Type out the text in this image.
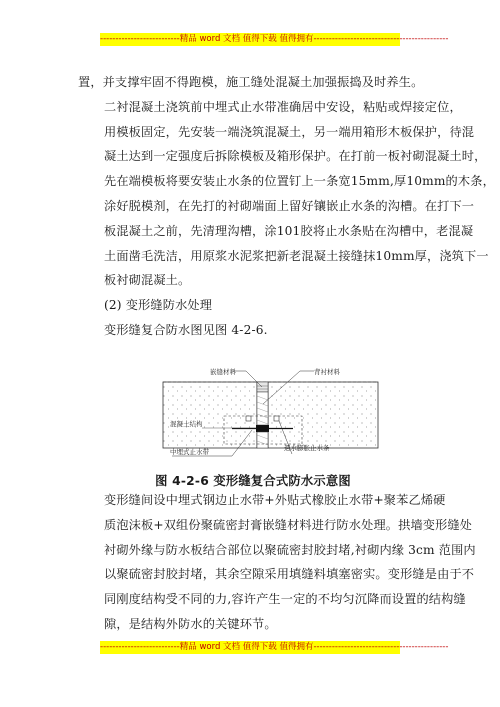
--------------------------精品 word 文档 值得下载 值得拥有--------------------------------------------

置，并支撑牢固不得跑模，施工缝处混凝土加强振捣及时养生。

二衬混凝土浇筑前中埋式止水带准确居中安设，粘贴或焊接定位，
用模板固定，先安装一端浇筑混凝土，另一端用箱形木板保护，待混
凝土达到一定强度后拆除模板及箱形保护。在打前一板衬砌混凝土时，
先在端模板将要安装止水条的位置钉上一条宽15mm,厚10mm的木条，
涂好脱模剂，在先打的衬砌端面上留好镶嵌止水条的沟槽。在打下一
板混凝土之前，先清理沟槽，涂101胶将止水条贴在沟槽中，老混凝
土面凿毛洗洁，用原浆水泥浆把新老混凝土接缝抹10mm厚，浇筑下一
板衬砌混凝土。

(2) 变形缝防水处理

变形缝复合防水图见图 4-2-6.

嵌缝材料	背衬材料
混凝土结构
中埋式止水带	遇水膨胀止水条
图 4-2-6 变形缝复合式防水示意图

变形缝间设中埋式钢边止水带+外贴式橡胶止水带+聚苯乙烯硬
质泡沫板+双组份聚硫密封膏嵌缝材料进行防水处理。拱墙变形缝处
衬砌外缘与防水板结合部位以聚硫密封胶封堵,衬砌内缘 3cm 范围内
以聚硫密封胶封堵，其余空隙采用填缝料填塞密实。变形缝是由于不
同刚度结构受不同的力,容许产生一定的不均匀沉降而设置的结构缝
隙，是结构外防水的关键环节。

--------------------------精品 word 文档 值得下载 值得拥有--------------------------------------------
